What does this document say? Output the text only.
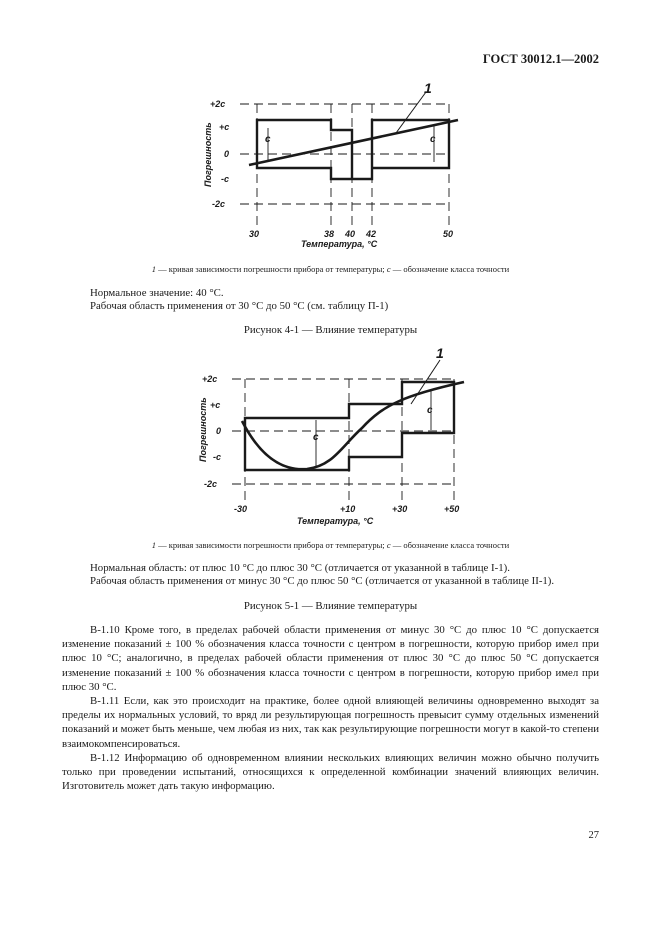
ГОСТ 30012.1—2002
+2c
+c
0
-c
-2c
30	38 40 42	50
Температура, °С
Погрешность
1
c	c
1 — кривая зависимости погрешности прибора от температуры; c — обозначение класса точности
Нормальное значение: 40 °С.
Рабочая область применения от 30 °С до 50 °С (см. таблицу П-1)
Рисунок 4-1 — Влияние температуры
+2c
+c
0
-c
-2c
-30	+10	+30	+50
Температура, °С
Погрешность
1
c
c
1 — кривая зависимости погрешности прибора от температуры; c — обозначение класса точности
Нормальная область: от плюс 10 °С до плюс 30 °С (отличается от указанной в таблице I-1).
Рабочая область применения от минус 30 °С до плюс 50 °С (отличается от указанной в таблице II-1).
Рисунок 5-1 — Влияние температуры

В-1.10 Кроме того, в пределах рабочей области применения от минус 30 °С до плюс 10 °С допускается изменение показаний ± 100 % обозначения класса точности с центром в погрешности, которую прибор имел при плюс 10 °С; аналогично, в пределах рабочей области применения от плюс 30 °С до плюс 50 °С допускается изменение показаний ± 100 % обозначения класса точности с центром в погрешности, которую прибор имел при плюс 30 °С.

В-1.11 Если, как это происходит на практике, более одной влияющей величины одновременно выходят за пределы их нормальных условий, то вряд ли результирующая погрешность превысит сумму отдельных изменений показаний и может быть меньше, чем любая из них, так как результирующие погрешности могут в какой-то степени взаимокомпенсироваться.

В-1.12 Информацию об одновременном влиянии нескольких влияющих величин можно обычно получить только при проведении испытаний, относящихся к определенной комбинации значений влияющих величин. Изготовитель может дать такую информацию.

27
